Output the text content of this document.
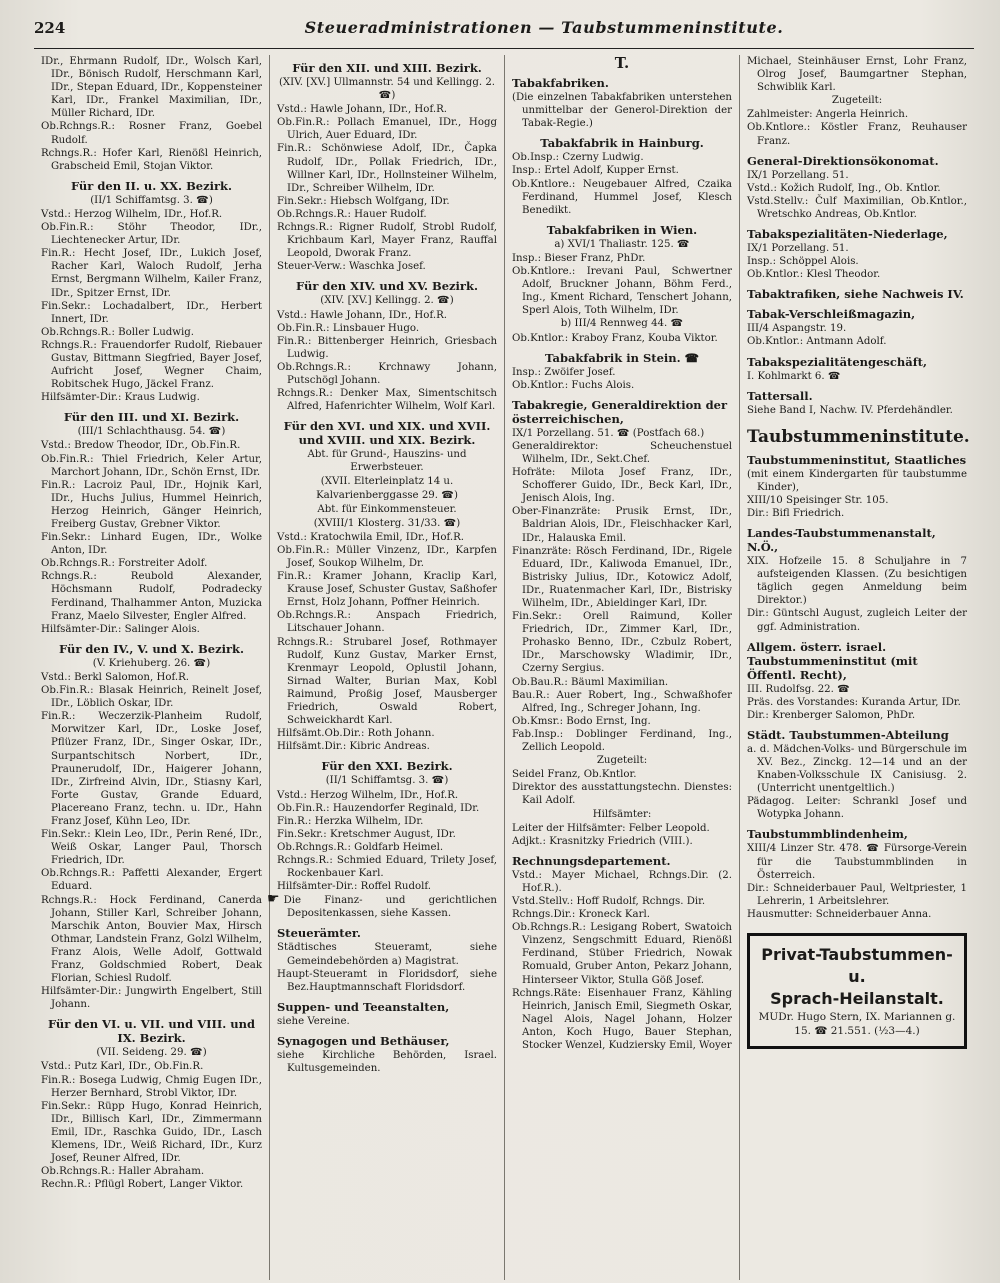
224	Steueradministrationen — Taubstummeninstitute.
IDr., Ehrmann Rudolf, IDr., Wolsch Karl, IDr., Bönisch Rudolf, Herschmann Karl, IDr., Stepan Eduard, IDr., Koppensteiner Karl, IDr., Frankel Maximilian, IDr., Müller Richard, IDr.
Ob.Rchngs.R.: Rosner Franz, Goebel Rudolf.
Rchngs.R.: Hofer Karl, Rienößl Heinrich, Grabscheid Emil, Stojan Viktor.
Für den II. u. XX. Bezirk.
(II/1 Schiffamtsg. 3. ☎)
Vstd.: Herzog Wilhelm, IDr., Hof.R.
Ob.Fin.R.: Stöhr Theodor, IDr., Liechtenecker Artur, IDr.
Fin.R.: Hecht Josef, IDr., Lukich Josef, Racher Karl, Waloch Rudolf, Jerha Ernst, Bergmann Wilhelm, Kailer Franz, IDr., Spitzer Ernst, IDr.
Fin.Sekr.: Lochadalbert, IDr., Herbert Innert, IDr.
Ob.Rchngs.R.: Boller Ludwig.
Rchngs.R.: Frauendorfer Rudolf, Riebauer Gustav, Bittmann Siegfried, Bayer Josef, Aufricht Josef, Wegner Chaim, Robitschek Hugo, Jäckel Franz.
Hilfsämter-Dir.: Kraus Ludwig.
Für den III. und XI. Bezirk.
(III/1 Schlachthausg. 54. ☎)
Vstd.: Bredow Theodor, IDr., Ob.Fin.R.
Ob.Fin.R.: Thiel Friedrich, Keler Artur, Marchort Johann, IDr., Schön Ernst, IDr.
Fin.R.: Lacroiz Paul, IDr., Hojnik Karl, IDr., Huchs Julius, Hummel Heinrich, Herzog Heinrich, Gänger Heinrich, Freiberg Gustav, Grebner Viktor.
Fin.Sekr.: Linhard Eugen, IDr., Wolke Anton, IDr.
Ob.Rchngs.R.: Forstreiter Adolf.
Rchngs.R.: Reubold Alexander, Höchsmann Rudolf, Podradecky Ferdinand, Thalhammer Anton, Muzicka Franz, Maelo Silvester, Engler Alfred.
Hilfsämter-Dir.: Salinger Alois.
Für den IV., V. und X. Bezirk.
(V. Kriehuberg. 26. ☎)
Vstd.: Berkl Salomon, Hof.R.
Ob.Fin.R.: Blasak Heinrich, Reinelt Josef, IDr., Löblich Oskar, IDr.
Fin.R.: Weczerzik-Planheim Rudolf, Morwitzer Karl, IDr., Loske Josef, Pflüzer Franz, IDr., Singer Oskar, IDr., Surpantschitsch Norbert, IDr., Praunerudolf, IDr., Haigerer Johann, IDr., Zirfreind Alvin, IDr., Stiasny Karl, Forte Gustav, Grande Eduard, Placereano Franz, techn. u. IDr., Hahn Franz Josef, Kühn Leo, IDr.
Fin.Sekr.: Klein Leo, IDr., Perin René, IDr., Weiß Oskar, Langer Paul, Thorsch Friedrich, IDr.
Ob.Rchngs.R.: Paffetti Alexander, Ergert Eduard.
Rchngs.R.: Hock Ferdinand, Canerda Johann, Stiller Karl, Schreiber Johann, Marschik Anton, Bouvier Max, Hirsch Othmar, Landstein Franz, Golzl Wilhelm, Franz Alois, Welle Adolf, Gottwald Franz, Goldschmied Robert, Deak Florian, Schiesl Rudolf.
Hilfsämter-Dir.: Jungwirth Engelbert, Still Johann.
Für den VI. u. VII. und VIII. und IX. Bezirk.
(VII. Seideng. 29. ☎)
Vstd.: Putz Karl, IDr., Ob.Fin.R.
Fin.R.: Bosega Ludwig, Chmig Eugen IDr., Herzer Bernhard, Strobl Viktor, IDr.
Fin.Sekr.: Rüpp Hugo, Konrad Heinrich, IDr., Billisch Karl, IDr., Zimmermann Emil, IDr., Raschka Guido, IDr., Lasch Klemens, IDr., Weiß Richard, IDr., Kurz Josef, Reuner Alfred, IDr.
Ob.Rchngs.R.: Haller Abraham.
Rechn.R.: Pflügl Robert, Langer Viktor.
Für den XII. und XIII. Bezirk.
(XIV. [XV.] Ullmannstr. 54 und Kellingg. 2. ☎)
Vstd.: Hawle Johann, IDr., Hof.R.
Ob.Fin.R.: Pollach Emanuel, IDr., Hogg Ulrich, Auer Eduard, IDr.
Fin.R.: Schönwiese Adolf, IDr., Čapka Rudolf, IDr., Pollak Friedrich, IDr., Willner Karl, IDr., Hollnsteiner Wilhelm, IDr., Schreiber Wilhelm, IDr.
Fin.Sekr.: Hiebsch Wolfgang, IDr.
Ob.Rchngs.R.: Hauer Rudolf.
Rchngs.R.: Rigner Rudolf, Strobl Rudolf, Krichbaum Karl, Mayer Franz, Rauffal Leopold, Dworak Franz.
Steuer-Verw.: Waschka Josef.
Für den XIV. und XV. Bezirk.
(XIV. [XV.] Kellingg. 2. ☎)
Vstd.: Hawle Johann, IDr., Hof.R.
Ob.Fin.R.: Linsbauer Hugo.
Fin.R.: Bittenberger Heinrich, Griesbach Ludwig.
Ob.Rchngs.R.: Krchnawy Johann, Putschögl Johann.
Rchngs.R.: Denker Max, Simentschitsch Alfred, Hafenrichter Wilhelm, Wolf Karl.
Für den XVI. und XIX. und XVII. und XVIII. und XIX. Bezirk.
Abt. für Grund-, Hauszins- und Erwerbsteuer.
(XVII. Elterleinplatz 14 u. Kalvarienberggasse 29. ☎)
Abt. für Einkommensteuer.
(XVIII/1 Klosterg. 31/33. ☎)
Vstd.: Kratochwila Emil, IDr., Hof.R.
Ob.Fin.R.: Müller Vinzenz, IDr., Karpfen Josef, Soukop Wilhelm, Dr.
Fin.R.: Kramer Johann, Kraclip Karl, Krause Josef, Schuster Gustav, Saßhofer Ernst, Holz Johann, Poffner Heinrich.
Ob.Rchngs.R.: Anspach Friedrich, Litschauer Johann.
Rchngs.R.: Strubarel Josef, Rothmayer Rudolf, Kunz Gustav, Marker Ernst, Krenmayr Leopold, Oplustil Johann, Sirnad Walter, Burian Max, Kobl Raimund, Proßig Josef, Mausberger Friedrich, Oswald Robert, Schweickhardt Karl.
Hilfsämt.Ob.Dir.: Roth Johann.
Hilfsämt.Dir.: Kibric Andreas.
Für den XXI. Bezirk.
(II/1 Schiffamtsg. 3. ☎)
Vstd.: Herzog Wilhelm, IDr., Hof.R.
Ob.Fin.R.: Hauzendorfer Reginald, IDr.
Fin.R.: Herzka Wilhelm, IDr.
Fin.Sekr.: Kretschmer August, IDr.
Ob.Rchngs.R.: Goldfarb Heimel.
Rchngs.R.: Schmied Eduard, Trilety Josef, Rockenbauer Karl.
Hilfsämter-Dir.: Roffel Rudolf.
☛ Die Finanz- und gerichtlichen Depositenkassen, siehe Kassen.
Steuerämter.
Städtisches Steueramt, siehe Gemeindebehörden a) Magistrat.
Haupt-Steueramt in Floridsdorf, siehe Bez.Hauptmannschaft Floridsdorf.
Suppen- und Teeanstalten,
siehe Vereine.
Synagogen und Bethäuser,
siehe Kirchliche Behörden, Israel. Kultusgemeinden.
T.
Tabakfabriken.
(Die einzelnen Tabakfabriken unterstehen unmittelbar der Generol-Direktion der Tabak-Regie.)
Tabakfabrik in Hainburg.
Ob.Insp.: Czerny Ludwig.
Insp.: Ertel Adolf, Kupper Ernst.
Ob.Kntlore.: Neugebauer Alfred, Czaika Ferdinand, Hummel Josef, Klesch Benedikt.
Tabakfabriken in Wien.
a) XVI/1 Thaliastr. 125. ☎
Insp.: Bieser Franz, PhDr.
Ob.Kntlore.: Irevani Paul, Schwertner Adolf, Bruckner Johann, Böhm Ferd., Ing., Kment Richard, Tenschert Johann, Sperl Alois, Toth Wilhelm, IDr.
b) III/4 Rennweg 44. ☎
Ob.Kntlor.: Kraboy Franz, Kouba Viktor.
Tabakfabrik in Stein. ☎
Insp.: Zwöifer Josef.
Ob.Kntlor.: Fuchs Alois.
Tabakregie, Generaldirektion der österreichischen,
IX/1 Porzellang. 51. ☎ (Postfach 68.)
Generaldirektor: Scheuchenstuel Wilhelm, IDr., Sekt.Chef.
Hofräte: Milota Josef Franz, IDr., Schofferer Guido, IDr., Beck Karl, IDr., Jenisch Alois, Ing.
Ober-Finanzräte: Prusik Ernst, IDr., Baldrian Alois, IDr., Fleischhacker Karl, IDr., Halauska Emil.
Finanzräte: Rösch Ferdinand, IDr., Rigele Eduard, IDr., Kaliwoda Emanuel, IDr., Bistrisky Julius, IDr., Kotowicz Adolf, IDr., Ruatenmacher Karl, IDr., Bistrisky Wilhelm, IDr., Abieldinger Karl, IDr.
Fin.Sekr.: Orell Raimund, Koller Friedrich, IDr., Zimmer Karl, IDr., Prohasko Benno, IDr., Czbulz Robert, IDr., Marschowsky Wladimir, IDr., Czerny Sergius.
Ob.Bau.R.: Bäuml Maximilian.
Bau.R.: Auer Robert, Ing., Schwaßhofer Alfred, Ing., Schreger Johann, Ing.
Ob.Kmsr.: Bodo Ernst, Ing.
Fab.Insp.: Doblinger Ferdinand, Ing., Zellich Leopold.
Zugeteilt:
Seidel Franz, Ob.Kntlor.
Direktor des ausstattungstechn. Dienstes: Kail Adolf.
Hilfsämter:
Leiter der Hilfsämter: Felber Leopold.
Adjkt.: Krasnitzky Friedrich (VIII.).
Rechnungsdepartement.
Vstd.: Mayer Michael, Rchngs.Dir. (2. Hof.R.).
Vstd.Stellv.: Hoff Rudolf, Rchngs. Dir.
Rchngs.Dir.: Kroneck Karl.
Ob.Rchngs.R.: Lesigang Robert, Swatoich Vinzenz, Sengschmitt Eduard, Rienößl Ferdinand, Stüber Friedrich, Nowak Romuald, Gruber Anton, Pekarz Johann, Hinterseer Viktor, Stulla Göß Josef.
Rchngs.Räte: Eisenhauer Franz, Kähling Heinrich, Janisch Emil, Siegmeth Oskar, Nagel Alois, Nagel Johann, Holzer Anton, Koch Hugo, Bauer Stephan, Stocker Wenzel, Kudziersky Emil, Woyer
Michael, Steinhäuser Ernst, Lohr Franz, Olrog Josef, Baumgartner Stephan, Schwiblik Karl.
Zugeteilt:
Zahlmeister: Angerla Heinrich.
Ob.Kntlore.: Köstler Franz, Reuhauser Franz.
General-Direktionsökonomat.
IX/1 Porzellang. 51.
Vstd.: Kožich Rudolf, Ing., Ob. Kntlor.
Vstd.Stellv.: Čulf Maximilian, Ob.Kntlor., Wretschko Andreas, Ob.Kntlor.
Tabakspezialitäten-Niederlage,
IX/1 Porzellang. 51.
Insp.: Schöppel Alois.
Ob.Kntlor.: Klesl Theodor.
Tabaktrafiken, siehe Nachweis IV.
Tabak-Verschleißmagazin,
III/4 Aspangstr. 19.
Ob.Kntlor.: Antmann Adolf.
Tabakspezialitätengeschäft,
I. Kohlmarkt 6. ☎
Tattersall.
Siehe Band I, Nachw. IV. Pferdehändler.
Taubstummeninstitute.
Taubstummeninstitut, Staatliches
(mit einem Kindergarten für taubstumme Kinder),
XIII/10 Speisinger Str. 105.
Dir.: Bifl Friedrich.
Landes-Taubstummenanstalt, N.Ö.,
XIX. Hofzeile 15. 8 Schuljahre in 7 aufsteigenden Klassen. (Zu besichtigen täglich gegen Anmeldung beim Direktor.)
Dir.: Güntschl August, zugleich Leiter der ggf. Administration.
Allgem. österr. israel. Taubstummeninstitut (mit Öffentl. Recht),
III. Rudolfsg. 22. ☎
Präs. des Vorstandes: Kuranda Artur, IDr.
Dir.: Krenberger Salomon, PhDr.
Städt. Taubstummen-Abteilung
a. d. Mädchen-Volks- und Bürgerschule im XV. Bez., Zinckg. 12—14 und an der Knaben-Volksschule IX Canisiusg. 2. (Unterricht unentgeltlich.)
Pädagog. Leiter: Schrankl Josef und Wotypka Johann.
Taubstummblindenheim,
XIII/4 Linzer Str. 478. ☎ Fürsorge-Verein für die Taubstummblinden in Österreich.
Dir.: Schneiderbauer Paul, Weltpriester, 1 Lehrerin, 1 Arbeitslehrer.
Hausmutter: Schneiderbauer Anna.
Privat-Taubstummen- u.
Sprach-Heilanstalt.
MUDr. Hugo Stern, IX. Mariannen g. 15. ☎ 21.551. (½3—4.)
